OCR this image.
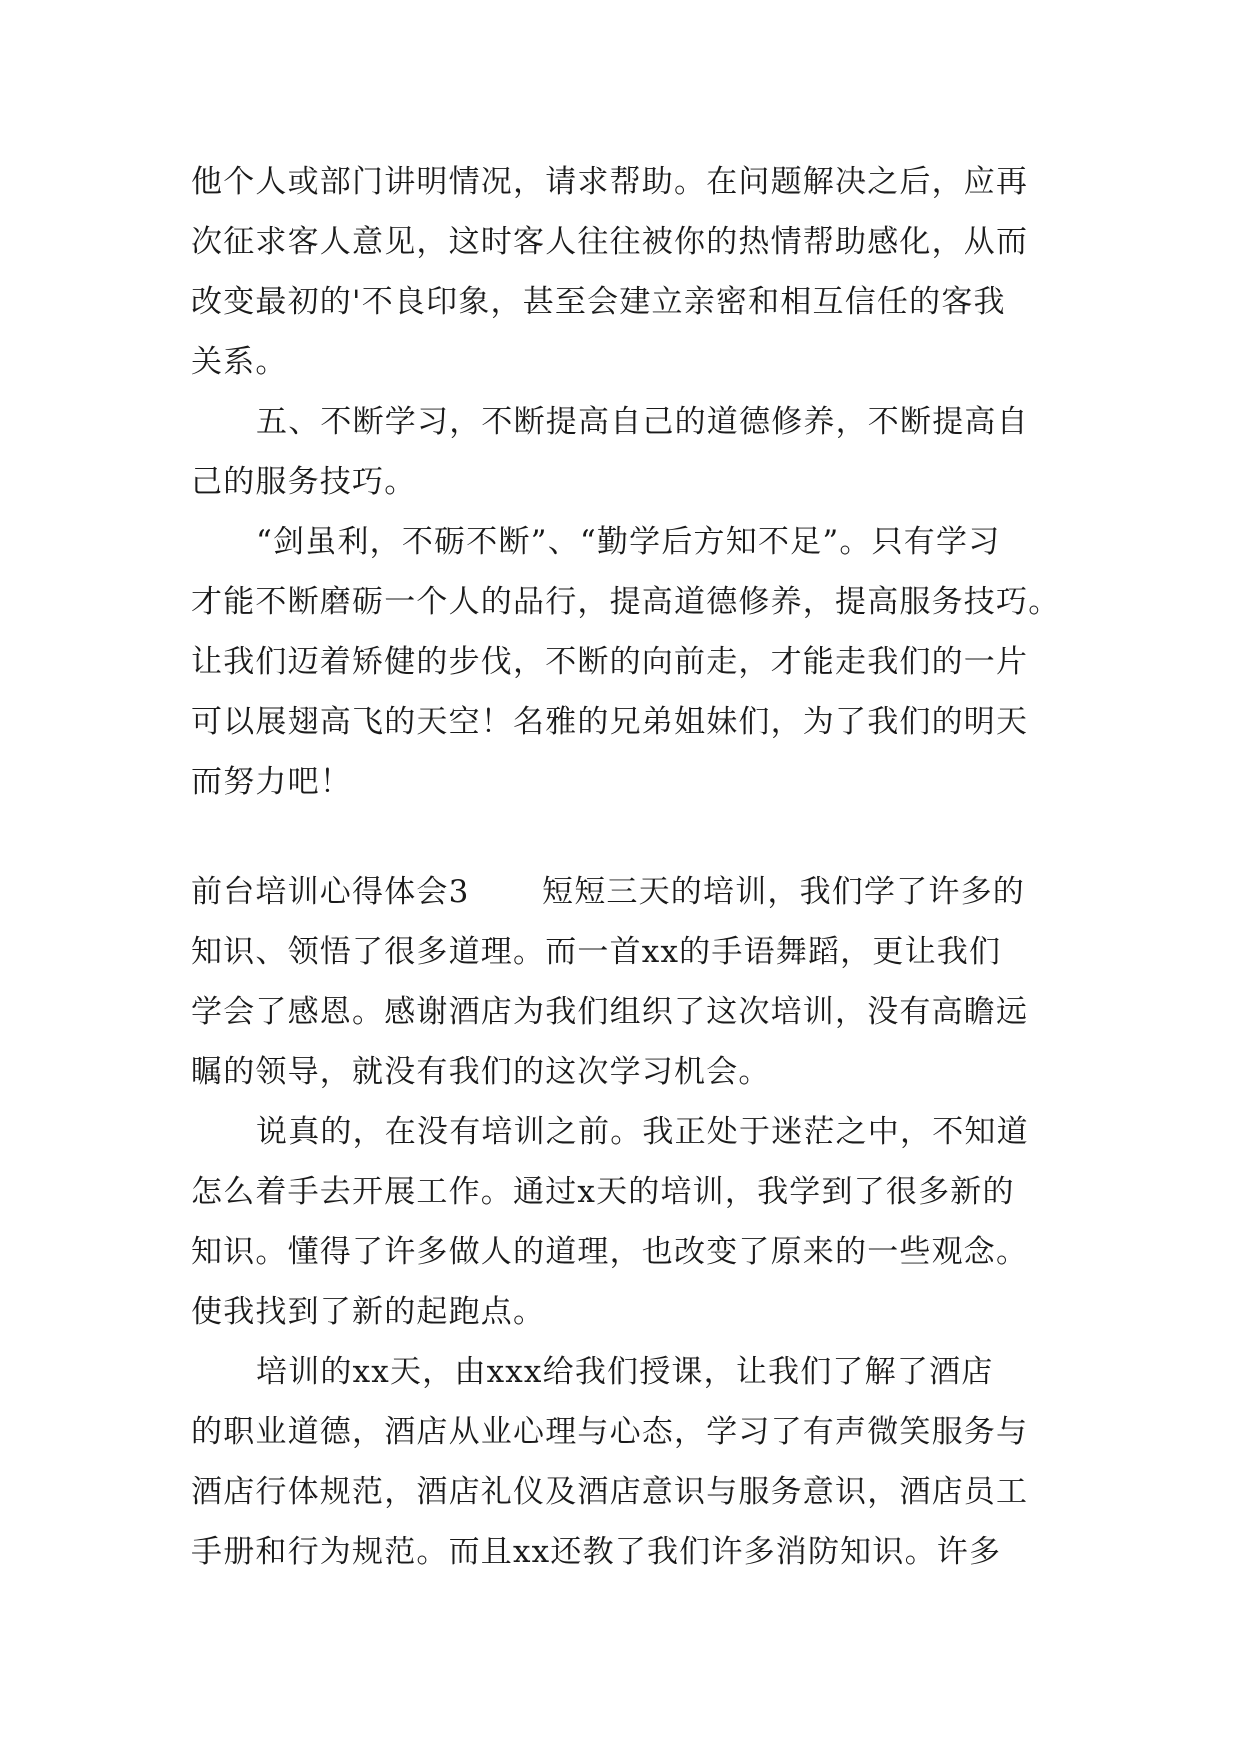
他个人或部门讲明情况，请求帮助。在问题解决之后，应再
次征求客人意见，这时客人往往被你的热情帮助感化，从而
改变最初的'不良印象，甚至会建立亲密和相互信任的客我
关系。
五、不断学习，不断提高自己的道德修养，不断提高自
己的服务技巧。
“剑虽利，不砺不断”、“勤学后方知不足”。只有学习
才能不断磨砺一个人的品行，提高道德修养，提高服务技巧。
让我们迈着矫健的步伐，不断的向前走，才能走我们的一片
可以展翅高飞的天空！名雅的兄弟姐妹们，为了我们的明天
而努力吧！
前台培训心得体会3 短短三天的培训，我们学了许多的
知识、领悟了很多道理。而一首xx的手语舞蹈，更让我们
学会了感恩。感谢酒店为我们组织了这次培训，没有高瞻远
瞩的领导，就没有我们的这次学习机会。
说真的，在没有培训之前。我正处于迷茫之中，不知道
怎么着手去开展工作。通过x天的培训，我学到了很多新的
知识。懂得了许多做人的道理，也改变了原来的一些观念。
使我找到了新的起跑点。
培训的xx天，由xxx给我们授课，让我们了解了酒店
的职业道德，酒店从业心理与心态，学习了有声微笑服务与
酒店行体规范，酒店礼仪及酒店意识与服务意识，酒店员工
手册和行为规范。而且xx还教了我们许多消防知识。许多
